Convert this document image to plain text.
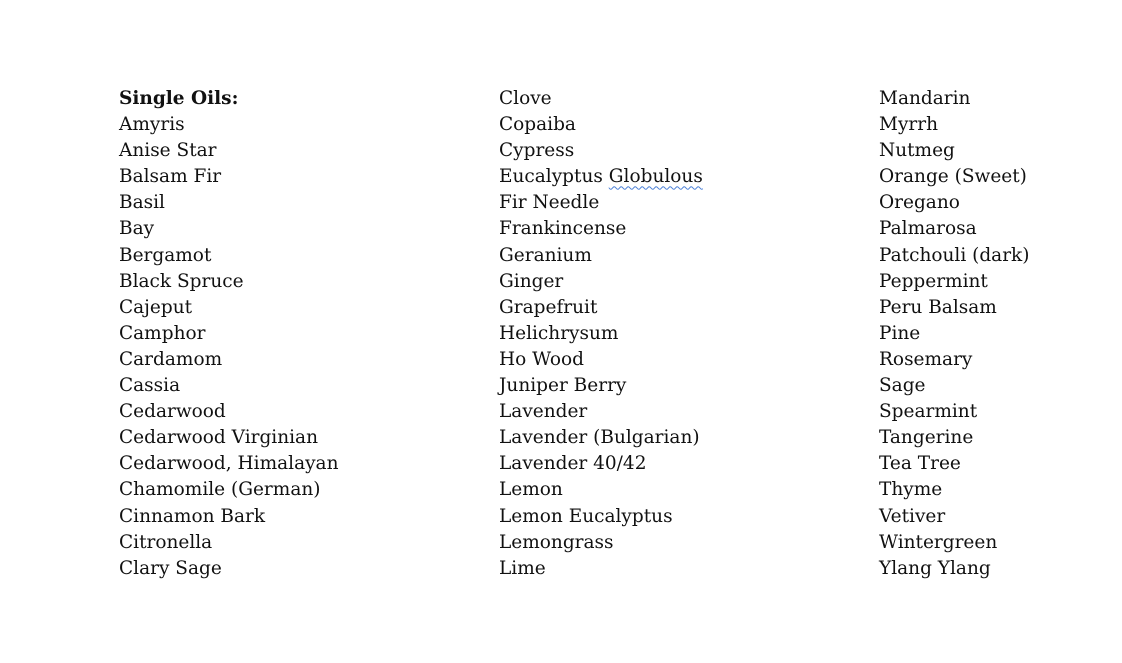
Single Oils:
Amyris
Anise Star
Balsam Fir
Basil
Bay
Bergamot
Black Spruce
Cajeput
Camphor
Cardamom
Cassia
Cedarwood
Cedarwood Virginian
Cedarwood, Himalayan
Chamomile (German)
Cinnamon Bark
Citronella
Clary Sage
Clove
Copaiba
Cypress
Eucalyptus Globulous
Fir Needle
Frankincense
Geranium
Ginger
Grapefruit
Helichrysum
Ho Wood
Juniper Berry
Lavender
Lavender (Bulgarian)
Lavender 40/42
Lemon
Lemon Eucalyptus
Lemongrass
Lime
Mandarin
Myrrh
Nutmeg
Orange (Sweet)
Oregano
Palmarosa
Patchouli (dark)
Peppermint
Peru Balsam
Pine
Rosemary
Sage
Spearmint
Tangerine
Tea Tree
Thyme
Vetiver
Wintergreen
Ylang Ylang
